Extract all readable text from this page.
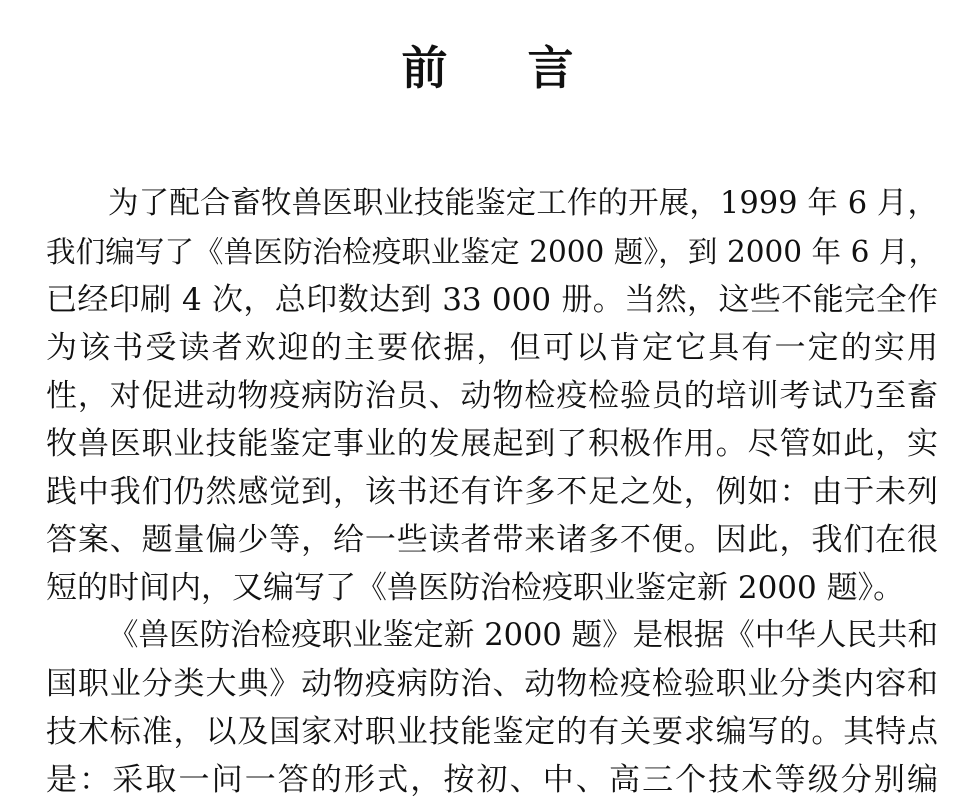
前 言
为了配合畜牧兽医职业技能鉴定工作的开展，1999 年 6 月，
我们编写了《兽医防治检疫职业鉴定 2000 题》，到 2000 年 6 月，
已经印刷 4 次，总印数达到 33 000 册。当然，这些不能完全作
为该书受读者欢迎的主要依据，但可以肯定它具有一定的实用
性，对促进动物疫病防治员、动物检疫检验员的培训考试乃至畜
牧兽医职业技能鉴定事业的发展起到了积极作用。尽管如此，实
践中我们仍然感觉到，该书还有许多不足之处，例如：由于未列
答案、题量偏少等，给一些读者带来诸多不便。因此，我们在很
短的时间内，又编写了《兽医防治检疫职业鉴定新 2000 题》。
《兽医防治检疫职业鉴定新 2000 题》是根据《中华人民共和
国职业分类大典》动物疫病防治、动物检疫检验职业分类内容和
技术标准，以及国家对职业技能鉴定的有关要求编写的。其特点
是：采取一问一答的形式，按初、中、高三个技术等级分别编
